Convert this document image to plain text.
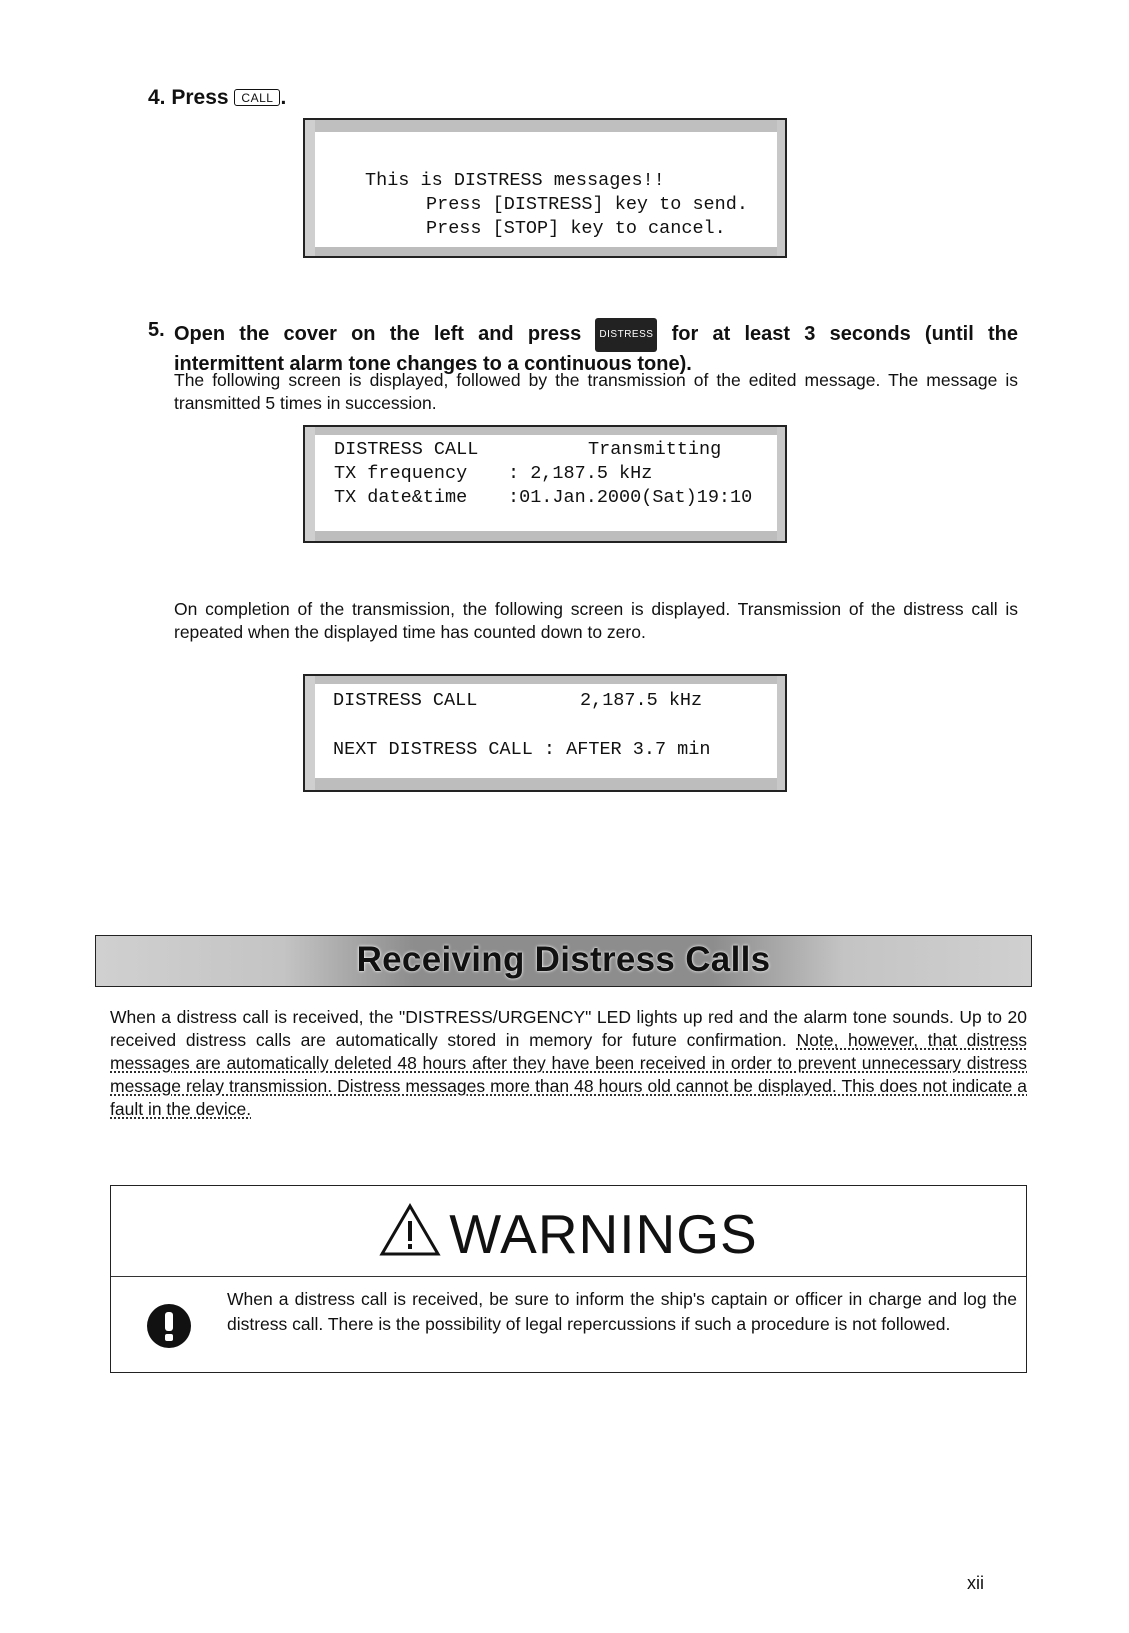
4. Press CALL .
This is DISTRESS messages!!
Press [DISTRESS] key to send.
Press [STOP] key to cancel.
5. Open the cover on the left and press DISTRESS for at least 3 seconds (until the
intermittent alarm tone changes to a continuous tone).
The following screen is displayed, followed by the transmission of the edited message. The message is transmitted 5 times in succession.
DISTRESS CALL	Transmitting
TX frequency : 2,187.5 kHz
TX date&time :01.Jan.2000(Sat)19:10
On completion of the transmission, the following screen is displayed. Transmission of the distress call is repeated when the displayed time has counted down to zero.
DISTRESS CALL	2,187.5 kHz
NEXT DISTRESS CALL : AFTER 3.7 min
Receiving Distress Calls
When a distress call is received, the "DISTRESS/URGENCY" LED lights up red and the alarm tone sounds. Up to 20 received distress calls are automatically stored in memory for future confirmation. Note, however, that distress messages are automatically deleted 48 hours after they have been received in order to prevent unnecessary distress message relay transmission. Distress messages more than 48 hours old cannot be displayed. This does not indicate a fault in the device.
WARNINGS
When a distress call is received, be sure to inform the ship's captain or officer in charge and log the distress call. There is the possibility of legal repercussions if such a procedure is not followed.
xii
